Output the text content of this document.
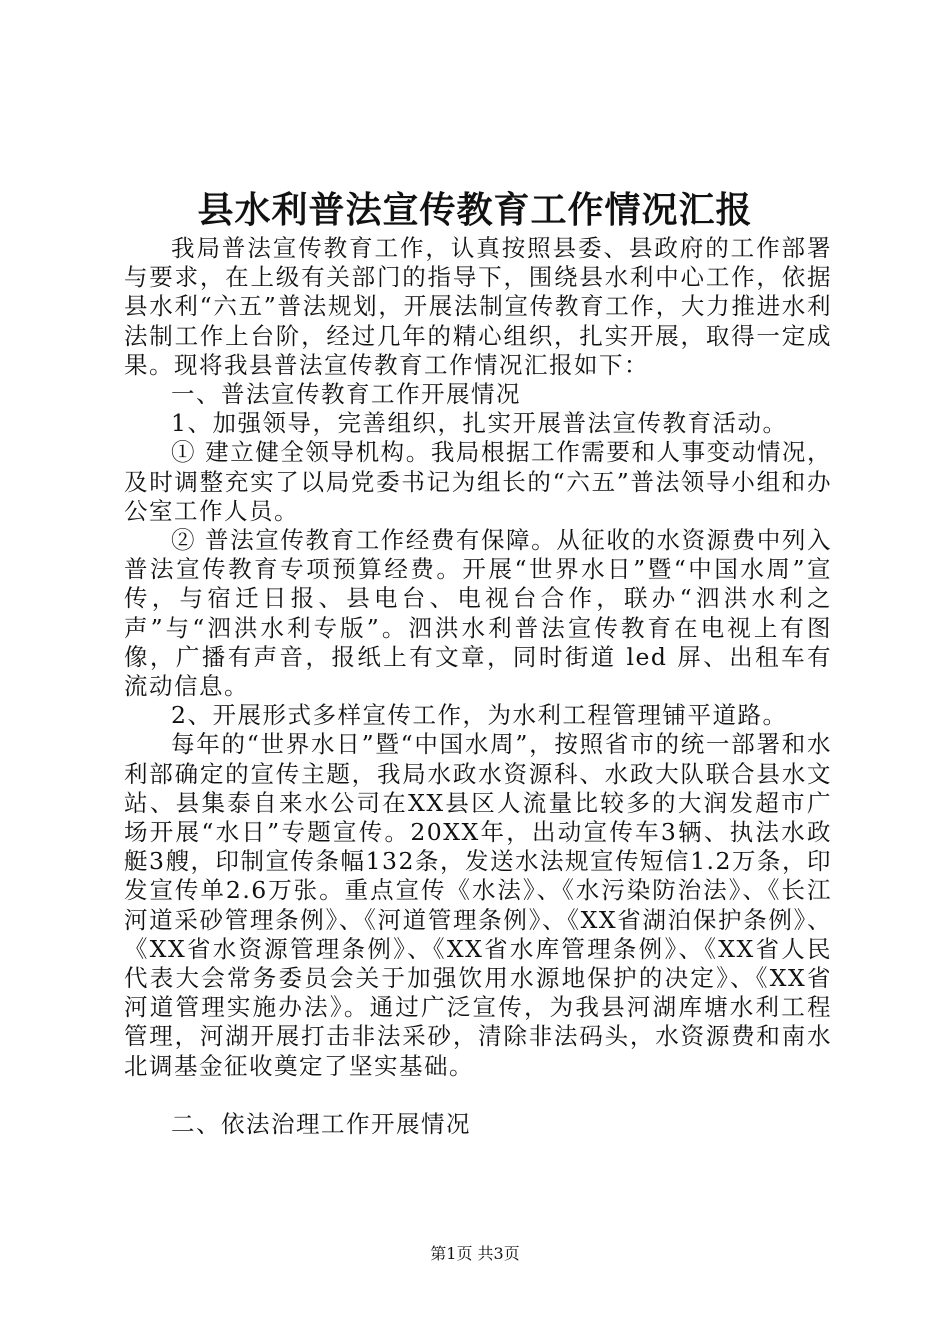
县水利普法宣传教育工作情况汇报

我局普法宣传教育工作，认真按照县委、县政府的工作部署与要求，在上级有关部门的指导下，围绕县水利中心工作，依据县水利“六五”普法规划，开展法制宣传教育工作，大力推进水利法制工作上台阶，经过几年的精心组织，扎实开展，取得一定成果。现将我县普法宣传教育工作情况汇报如下：

一、普法宣传教育工作开展情况

1、加强领导，完善组织，扎实开展普法宣传教育活动。

① 建立健全领导机构。我局根据工作需要和人事变动情况，及时调整充实了以局党委书记为组长的“六五”普法领导小组和办公室工作人员。

② 普法宣传教育工作经费有保障。从征收的水资源费中列入普法宣传教育专项预算经费。开展“世界水日”暨“中国水周”宣传，与宿迁日报、县电台、电视台合作，联办“泗洪水利之声”与“泗洪水利专版”。泗洪水利普法宣传教育在电视上有图像，广播有声音，报纸上有文章，同时街道 led 屏、出租车有流动信息。

2、开展形式多样宣传工作，为水利工程管理铺平道路。

每年的“世界水日”暨“中国水周”，按照省市的统一部署和水利部确定的宣传主题，我局水政水资源科、水政大队联合县水文站、县集泰自来水公司在XX县区人流量比较多的大润发超市广场开展“水日”专题宣传。20XX年，出动宣传车3辆、执法水政艇3艘，印制宣传条幅132条，发送水法规宣传短信1.2万条，印发宣传单2.6万张。重点宣传《水法》、《水污染防治法》、《长江河道采砂管理条例》、《河道管理条例》、《XX省湖泊保护条例》、《XX省水资源管理条例》、《XX省水库管理条例》、《XX省人民代表大会常务委员会关于加强饮用水源地保护的决定》、《XX省河道管理实施办法》。通过广泛宣传，为我县河湖库塘水利工程管理，河湖开展打击非法采砂，清除非法码头，水资源费和南水北调基金征收奠定了坚实基础。

二、依法治理工作开展情况

第1页 共3页
